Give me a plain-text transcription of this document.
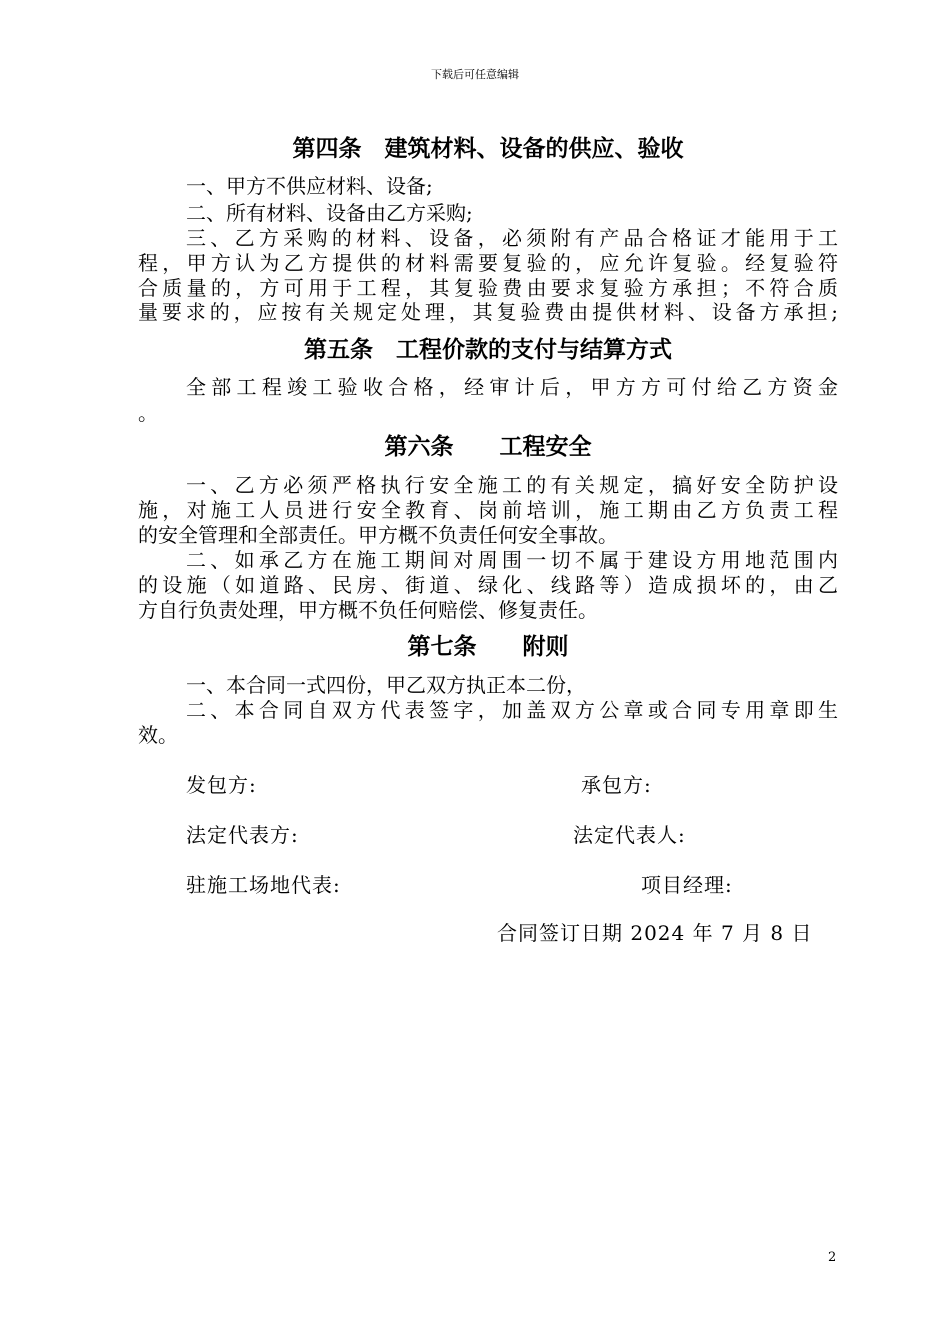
下载后可任意编辑
第四条　建筑材料、设备的供应、验收
一、甲方不供应材料、设备;
二、所有材料、设备由乙方采购;
三、乙方采购的材料、设备，必须附有产品合格证才能用于工
程，甲方认为乙方提供的材料需要复验的，应允许复验。经复验符
合质量的，方可用于工程，其复验费由要求复验方承担；不符合质
量要求的，应按有关规定处理，其复验费由提供材料、设备方承担;
第五条　工程价款的支付与结算方式
全部工程竣工验收合格，经审计后，甲方方可付给乙方资金
。
第六条　　工程安全
一、乙方必须严格执行安全施工的有关规定，搞好安全防护设
施，对施工人员进行安全教育、岗前培训，施工期由乙方负责工程
的安全管理和全部责任。甲方概不负责任何安全事故。
二、如承乙方在施工期间对周围一切不属于建设方用地范围内
的设施（如道路、民房、街道、绿化、线路等）造成损坏的，由乙
方自行负责处理，甲方概不负任何赔偿、修复责任。
第七条　　附则
一、本合同一式四份，甲乙双方执正本二份，
二、本合同自双方代表签字，加盖双方公章或合同专用章即生
效。
发包方:	承包方:
法定代表方:	法定代表人:
驻施工场地代表:	项目经理:
合同签订日期 2024 年 7 月 8 日
2
